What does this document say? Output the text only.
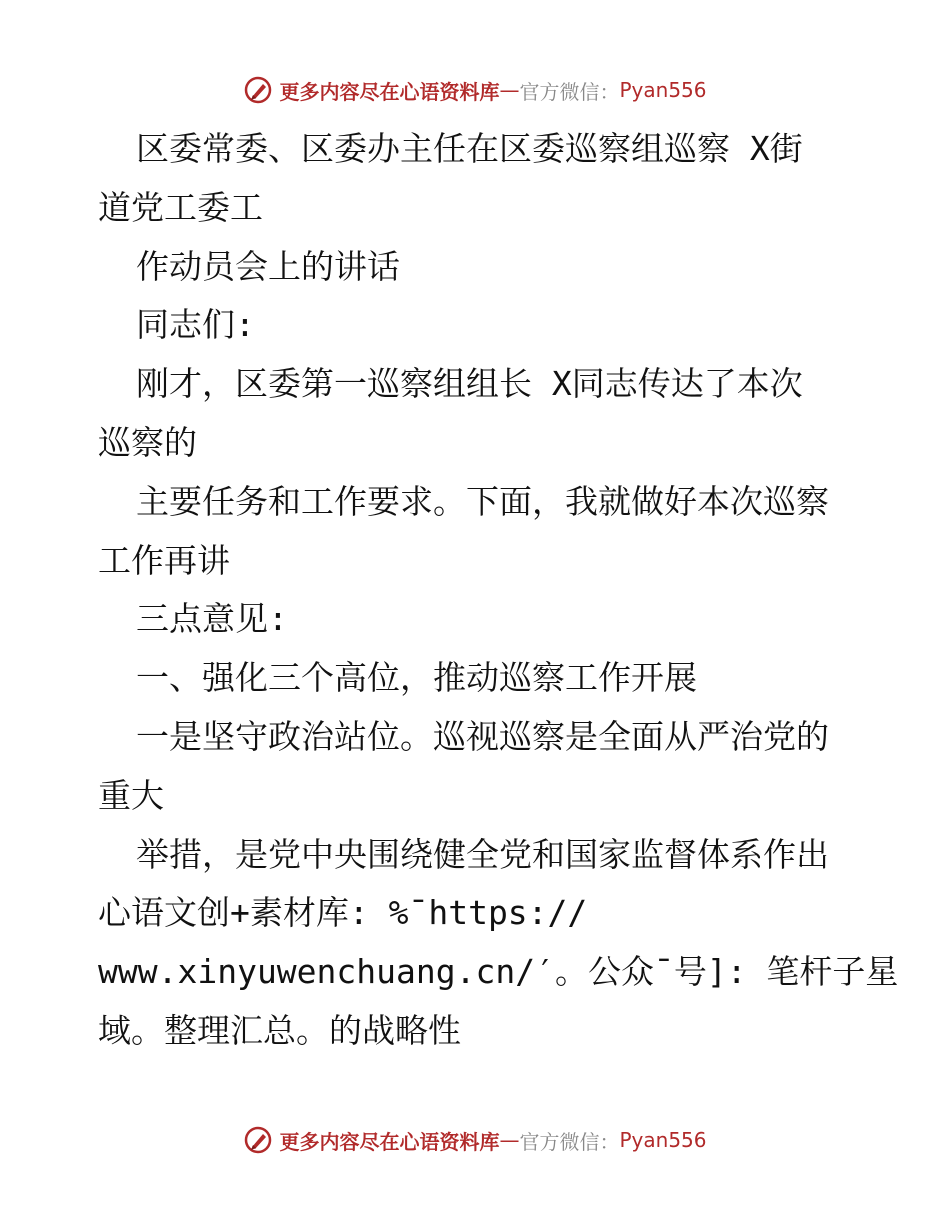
更多内容尽在心语资料库 — 官方微信： Pyan556
区委常委、区委办主任在区委巡察组巡察 X街
道党工委工
作动员会上的讲话
同志们:
刚才，区委第一巡察组组长 X同志传达了本次
巡察的
主要任务和工作要求。下面，我就做好本次巡察
工作再讲
三点意见:
一、强化三个高位，推动巡察工作开展
一是坚守政治站位。巡视巡察是全面从严治党的
重大
举措，是党中央围绕健全党和国家监督体系作出
心语文创+素材库: %¯https://
www.xinyuwenchuang.cn/′。公众¯号]: 笔杆子星
域。整理汇总。的战略性
更多内容尽在心语资料库 — 官方微信： Pyan556
